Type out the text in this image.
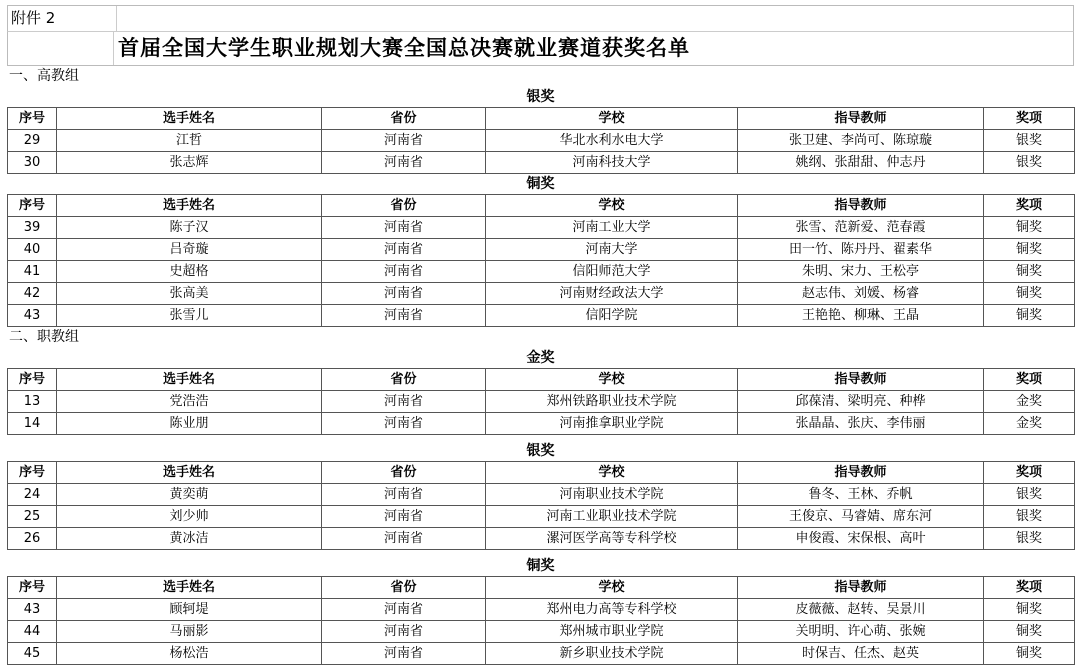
附件 2
首届全国大学生职业规划大赛全国总决赛就业赛道获奖名单
一、高教组
银奖
序号	选手姓名	省份	学校	指导教师	奖项
29	江哲	河南省	华北水利水电大学	张卫建、李尚可、陈琼璇	银奖
30	张志辉	河南省	河南科技大学	姚纲、张甜甜、仲志丹	银奖
铜奖
序号	选手姓名	省份	学校	指导教师	奖项
39	陈子汉	河南省	河南工业大学	张雪、范新爱、范春霞	铜奖
40	吕奇璇	河南省	河南大学	田一竹、陈丹丹、翟素华	铜奖
41	史超格	河南省	信阳师范大学	朱明、宋力、王松亭	铜奖
42	张高美	河南省	河南财经政法大学	赵志伟、刘媛、杨睿	铜奖
43	张雪儿	河南省	信阳学院	王艳艳、柳琳、王晶	铜奖
二、职教组
金奖
序号	选手姓名	省份	学校	指导教师	奖项
13	党浩浩	河南省	郑州铁路职业技术学院	邱葆清、梁明亮、种桦	金奖
14	陈业朋	河南省	河南推拿职业学院	张晶晶、张庆、李伟丽	金奖
银奖
序号	选手姓名	省份	学校	指导教师	奖项
24	黄奕萌	河南省	河南职业技术学院	鲁冬、王林、乔帆	银奖
25	刘少帅	河南省	河南工业职业技术学院	王俊京、马睿婧、席东河	银奖
26	黄冰洁	河南省	漯河医学高等专科学校	申俊霞、宋保根、高叶	银奖
铜奖
序号	选手姓名	省份	学校	指导教师	奖项
43	顾轲堤	河南省	郑州电力高等专科学校	皮薇薇、赵转、吴景川	铜奖
44	马丽影	河南省	郑州城市职业学院	关明明、许心萌、张婉	铜奖
45	杨松浩	河南省	新乡职业技术学院	时保吉、任杰、赵英	铜奖
